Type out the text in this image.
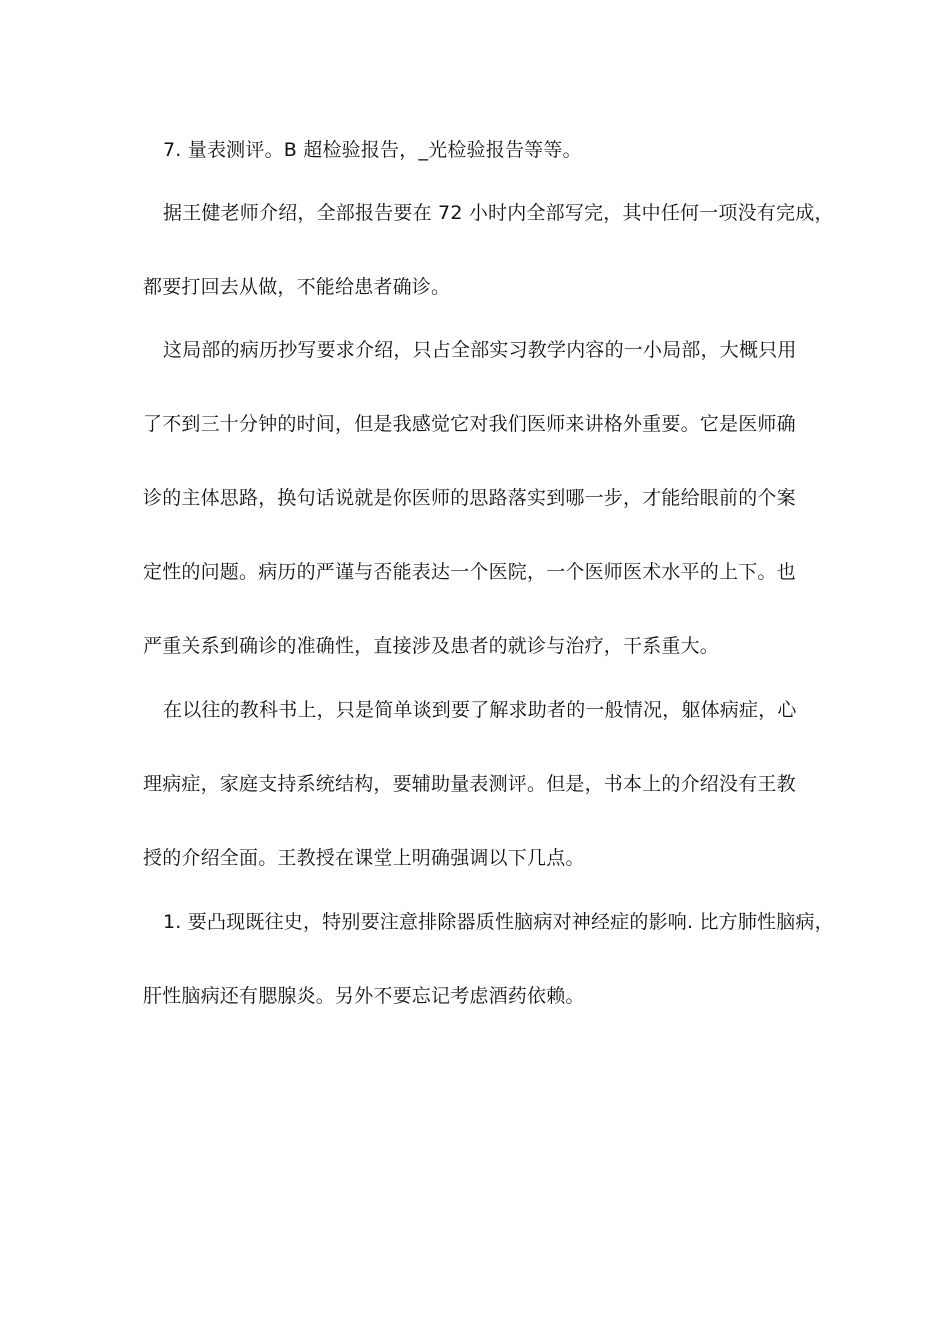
7. 量表测评。B 超检验报告，_光检验报告等等。
据王健老师介绍，全部报告要在 72 小时内全部写完，其中任何一项没有完成，
都要打回去从做，不能给患者确诊。
这局部的病历抄写要求介绍，只占全部实习教学内容的一小局部，大概只用
了不到三十分钟的时间，但是我感觉它对我们医师来讲格外重要。它是医师确
诊的主体思路，换句话说就是你医师的思路落实到哪一步，才能给眼前的个案
定性的问题。病历的严谨与否能表达一个医院，一个医师医术水平的上下。也
严重关系到确诊的准确性，直接涉及患者的就诊与治疗，干系重大。
在以往的教科书上，只是简单谈到要了解求助者的一般情况，躯体病症，心
理病症，家庭支持系统结构，要辅助量表测评。但是，书本上的介绍没有王教
授的介绍全面。王教授在课堂上明确强调以下几点。
1. 要凸现既往史，特别要注意排除器质性脑病对神经症的影响. 比方肺性脑病，
肝性脑病还有腮腺炎。另外不要忘记考虑酒药依赖。
